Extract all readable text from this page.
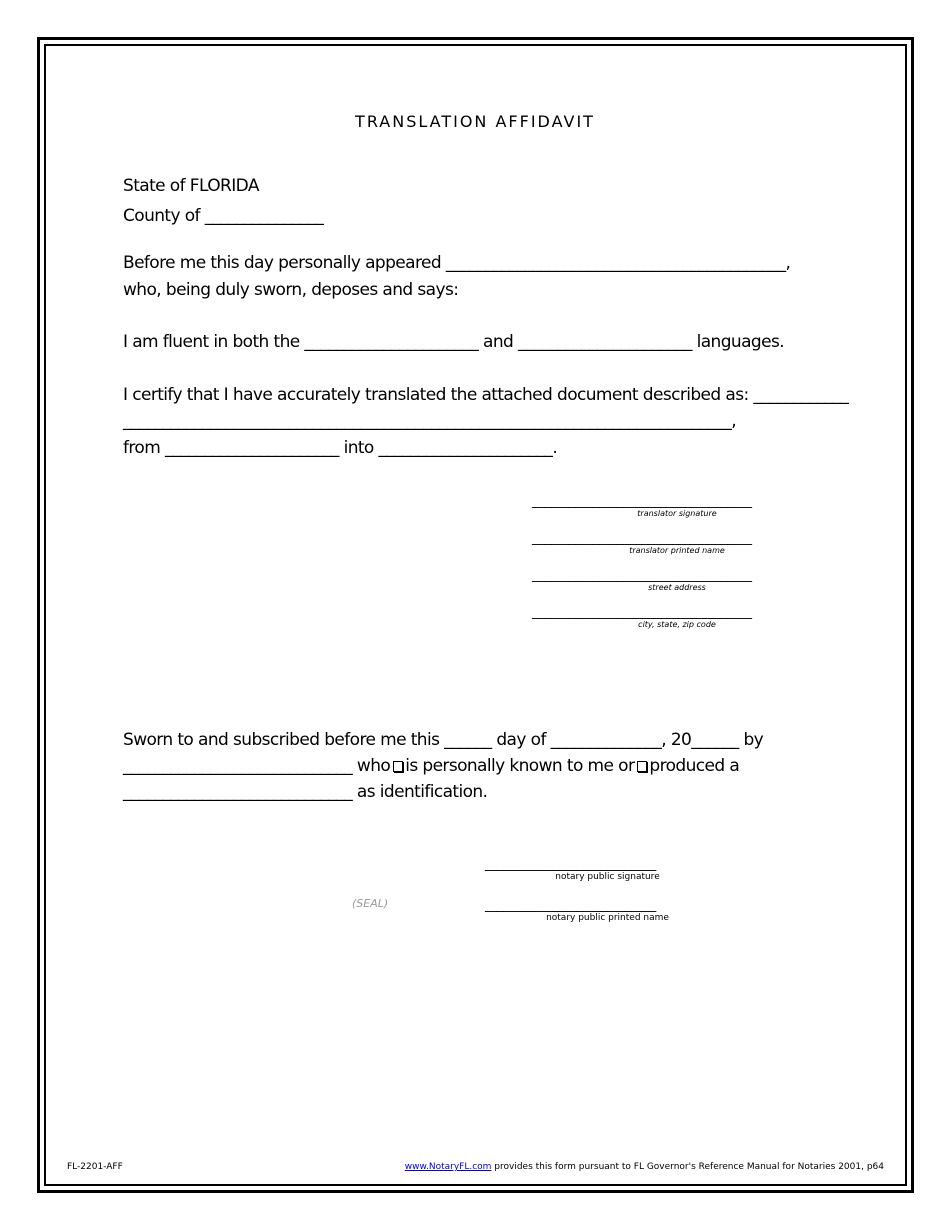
TRANSLATION AFFIDAVIT
State of FLORIDA
County of _______________
Before me this day personally appeared ___________________________________________,
who, being duly sworn, deposes and says:
I am fluent in both the ______________________ and ______________________ languages.
I certify that I have accurately translated the attached document described as: ____________
_____________________________________________________________________________,
from ______________________ into ______________________.
____________________________________
translator signature
____________________________________
translator printed name
____________________________________
street address
____________________________________
city, state, zip code
Sworn to and subscribed before me this ______ day of ______________, 20______ by
_____________________________ who is personally known to me or produced a
_____________________________ as identification.
____________________________
notary public signature
(SEAL)	____________________________
notary public printed name
FL-2201-AFF	www.NotaryFL.com provides this form pursuant to FL Governor's Reference Manual for Notaries 2001, p64
